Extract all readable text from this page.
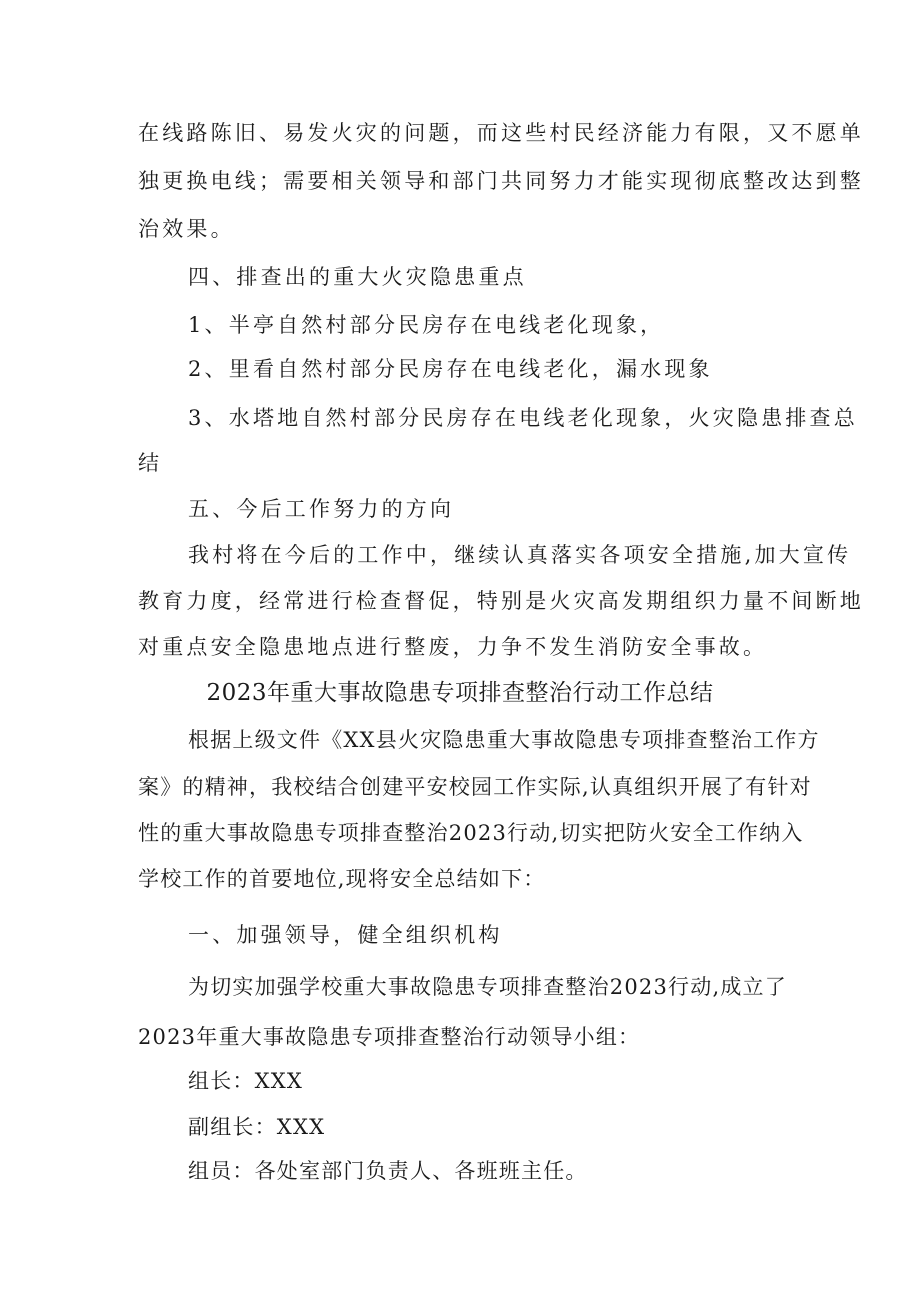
在线路陈旧、易发火灾的问题，而这些村民经济能力有限，又不愿单
独更换电线；需要相关领导和部门共同努力才能实现彻底整改达到整
治效果。
四、排查出的重大火灾隐患重点
1、半亭自然村部分民房存在电线老化现象，
2、里看自然村部分民房存在电线老化，漏水现象
3、水塔地自然村部分民房存在电线老化现象，火灾隐患排查总
结
五、今后工作努力的方向
我村将在今后的工作中，继续认真落实各项安全措施,加大宣传
教育力度，经常进行检查督促，特别是火灾高发期组织力量不间断地
对重点安全隐患地点进行整废，力争不发生消防安全事故。
2023年重大事故隐患专项排查整治行动工作总结
根据上级文件《XX县火灾隐患重大事故隐患专项排查整治工作方
案》的精神，我校结合创建平安校园工作实际,认真组织开展了有针对
性的重大事故隐患专项排查整治2023行动,切实把防火安全工作纳入
学校工作的首要地位,现将安全总结如下：
一、加强领导，健全组织机构
为切实加强学校重大事故隐患专项排查整治2023行动,成立了
2023年重大事故隐患专项排查整治行动领导小组：
组长：XXX
副组长：XXX
组员：各处室部门负责人、各班班主任。
